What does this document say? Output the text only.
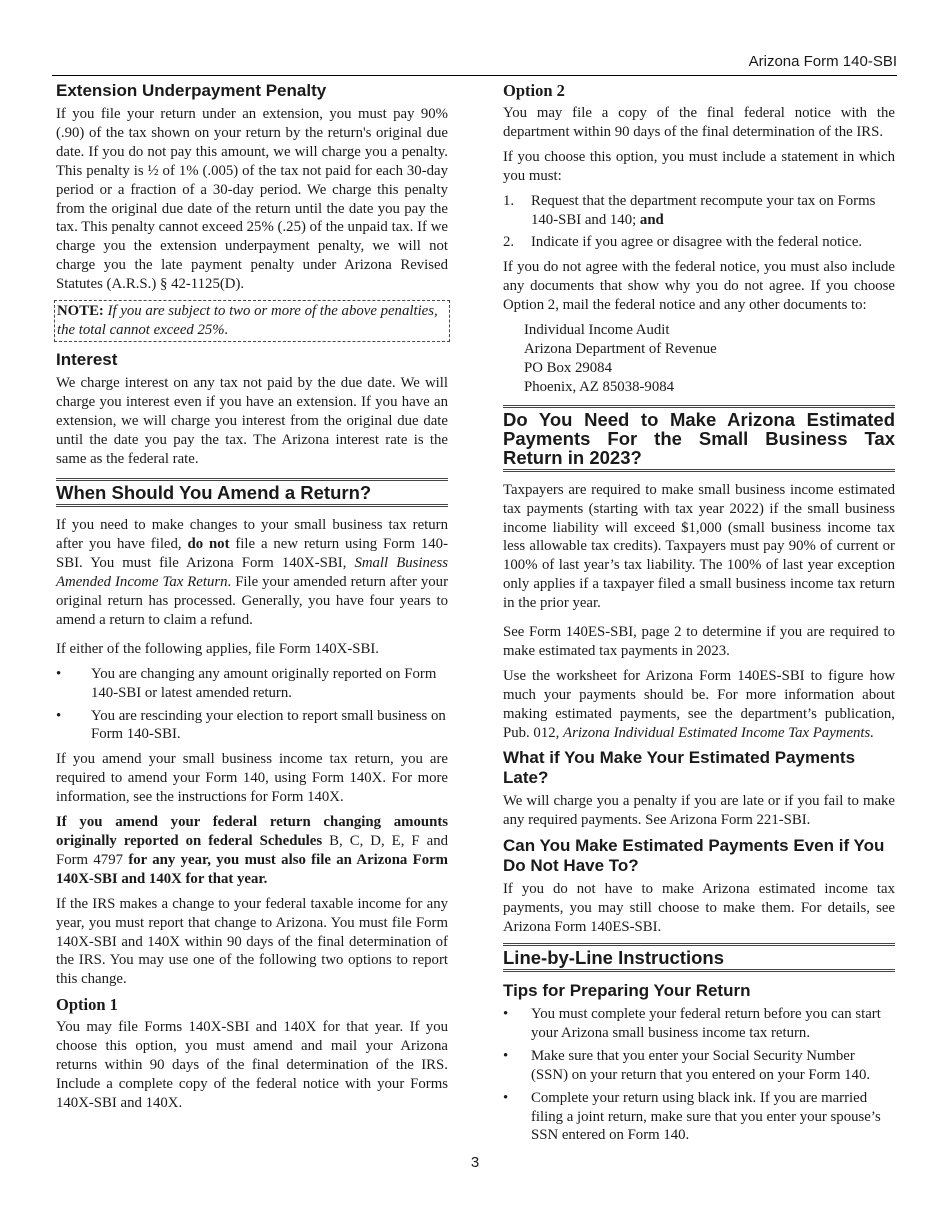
Arizona Form 140-SBI
Extension Underpayment Penalty

If you file your return under an extension, you must pay 90% (.90) of the tax shown on your return by the return's original due date. If you do not pay this amount, we will charge you a penalty. This penalty is ½ of 1% (.005) of the tax not paid for each 30-day period or a fraction of a 30-day period. We charge this penalty from the original due date of the return until the date you pay the tax. This penalty cannot exceed 25% (.25) of the unpaid tax. If we charge you the extension underpayment penalty, we will not charge you the late payment penalty under Arizona Revised Statutes (A.R.S.) § 42-1125(D).

NOTE: If you are subject to two or more of the above penalties, the total cannot exceed 25%.
Interest

We charge interest on any tax not paid by the due date. We will charge you interest even if you have an extension. If you have an extension, we will charge you interest from the original due date until the date you pay the tax. The Arizona interest rate is the same as the federal rate.

When Should You Amend a Return?

If you need to make changes to your small business tax return after you have filed, do not file a new return using Form 140-SBI. You must file Arizona Form 140X-SBI, Small Business Amended Income Tax Return. File your amended return after your original return has processed. Generally, you have four years to amend a return to claim a refund.

If either of the following applies, file Form 140X-SBI.

•	You are changing any amount originally reported on Form 140-SBI or latest amended return.
•	You are rescinding your election to report small business on Form 140-SBI.

If you amend your small business income tax return, you are required to amend your Form 140, using Form 140X. For more information, see the instructions for Form 140X.

If you amend your federal return changing amounts originally reported on federal Schedules B, C, D, E, F and Form 4797 for any year, you must also file an Arizona Form 140X-SBI and 140X for that year.

If the IRS makes a change to your federal taxable income for any year, you must report that change to Arizona. You must file Form 140X-SBI and 140X within 90 days of the final determination of the IRS. You may use one of the following two options to report this change.

Option 1

You may file Forms 140X-SBI and 140X for that year. If you choose this option, you must amend and mail your Arizona returns within 90 days of the final determination of the IRS. Include a complete copy of the federal notice with your Forms 140X-SBI and 140X.

Option 2

You may file a copy of the final federal notice with the department within 90 days of the final determination of the IRS.

If you choose this option, you must include a statement in which you must:

1.	Request that the department recompute your tax on Forms 140-SBI and 140; and
2.	Indicate if you agree or disagree with the federal notice.

If you do not agree with the federal notice, you must also include any documents that show why you do not agree. If you choose Option 2, mail the federal notice and any other documents to:

Individual Income Audit
Arizona Department of Revenue
PO Box 29084
Phoenix, AZ 85038-9084
Do You Need to Make Arizona Estimated Payments For the Small Business Tax Return in 2023?

Taxpayers are required to make small business income estimated tax payments (starting with tax year 2022) if the small business income liability will exceed $1,000 (small business income tax less allowable tax credits). Taxpayers must pay 90% of current or 100% of last year’s tax liability. The 100% of last year exception only applies if a taxpayer filed a small business income tax return in the prior year.

See Form 140ES-SBI, page 2 to determine if you are required to make estimated tax payments in 2023.

Use the worksheet for Arizona Form 140ES-SBI to figure how much your payments should be. For more information about making estimated payments, see the department’s publication, Pub. 012, Arizona Individual Estimated Income Tax Payments.

What if You Make Your Estimated Payments Late?

We will charge you a penalty if you are late or if you fail to make any required payments. See Arizona Form 221-SBI.

Can You Make Estimated Payments Even if You Do Not Have To?

If you do not have to make Arizona estimated income tax payments, you may still choose to make them. For details, see Arizona Form 140ES-SBI.

Line-by-Line Instructions
Tips for Preparing Your Return
•	You must complete your federal return before you can start your Arizona small business income tax return.
•	Make sure that you enter your Social Security Number (SSN) on your return that you entered on your Form 140.
•	Complete your return using black ink. If you are married filing a joint return, make sure that you enter your spouse’s SSN entered on Form 140.
3
